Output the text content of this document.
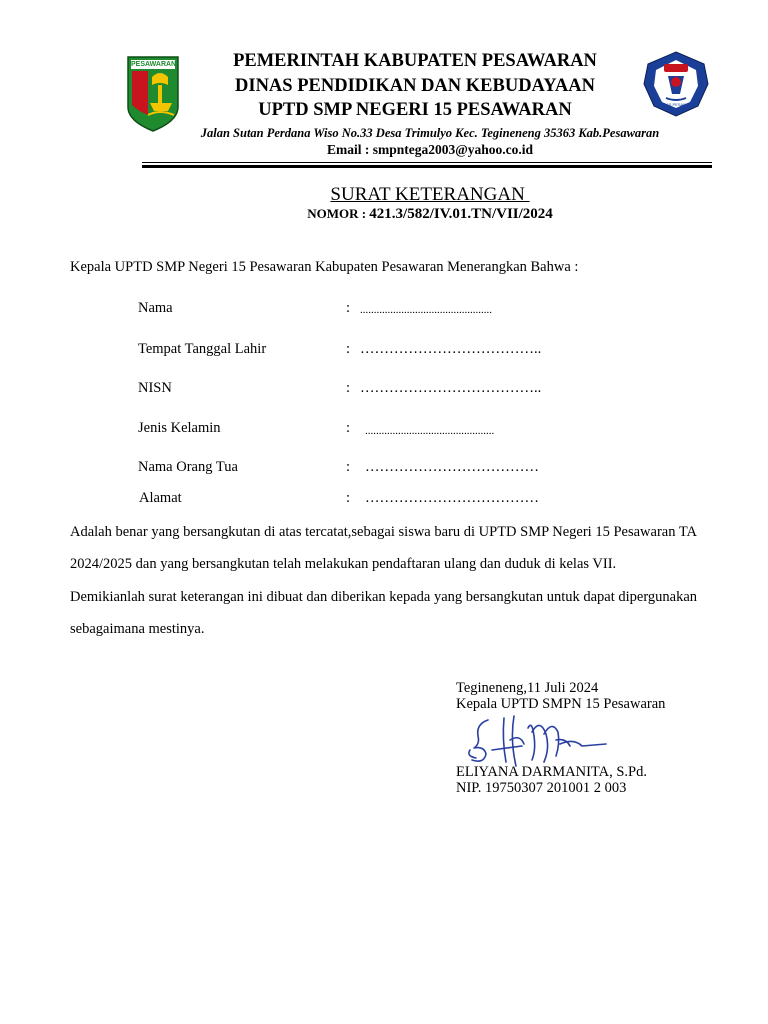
PESAWARAN
SMPN 15 PESAWARAN
PEMERINTAH KABUPATEN PESAWARAN
DINAS PENDIDIKAN DAN KEBUDAYAAN
UPTD SMP NEGERI 15 PESAWARAN
Jalan Sutan Perdana Wiso No.33 Desa Trimulyo Kec. Tegineneng 35363 Kab.Pesawaran
Email : smpntega2003@yahoo.co.id
SURAT KETERANGAN
NOMOR : 421.3/582/IV.01.TN/VII/2024
Kepala UPTD SMP Negeri 15 Pesawaran Kabupaten Pesawaran Menerangkan Bahwa :
Nama	: ................................................
Tempat Tanggal Lahir	: ………………………………..
NISN	: ………………………………..
Jenis Kelamin	: ...............................................
Nama Orang Tua	: ………………………………
Alamat	: ………………………………
Adalah benar yang bersangkutan di atas tercatat,sebagai siswa baru di UPTD SMP Negeri 15 Pesawaran TA 2024/2025 dan yang bersangkutan telah melakukan pendaftaran ulang dan duduk di kelas VII.
Demikianlah surat keterangan ini dibuat dan diberikan kepada yang bersangkutan untuk dapat dipergunakan sebagaimana mestinya.
Tegineneng,11 Juli 2024
Kepala UPTD SMPN 15 Pesawaran
ELIYANA DARMANITA, S.Pd.
NIP. 19750307 201001 2 003
